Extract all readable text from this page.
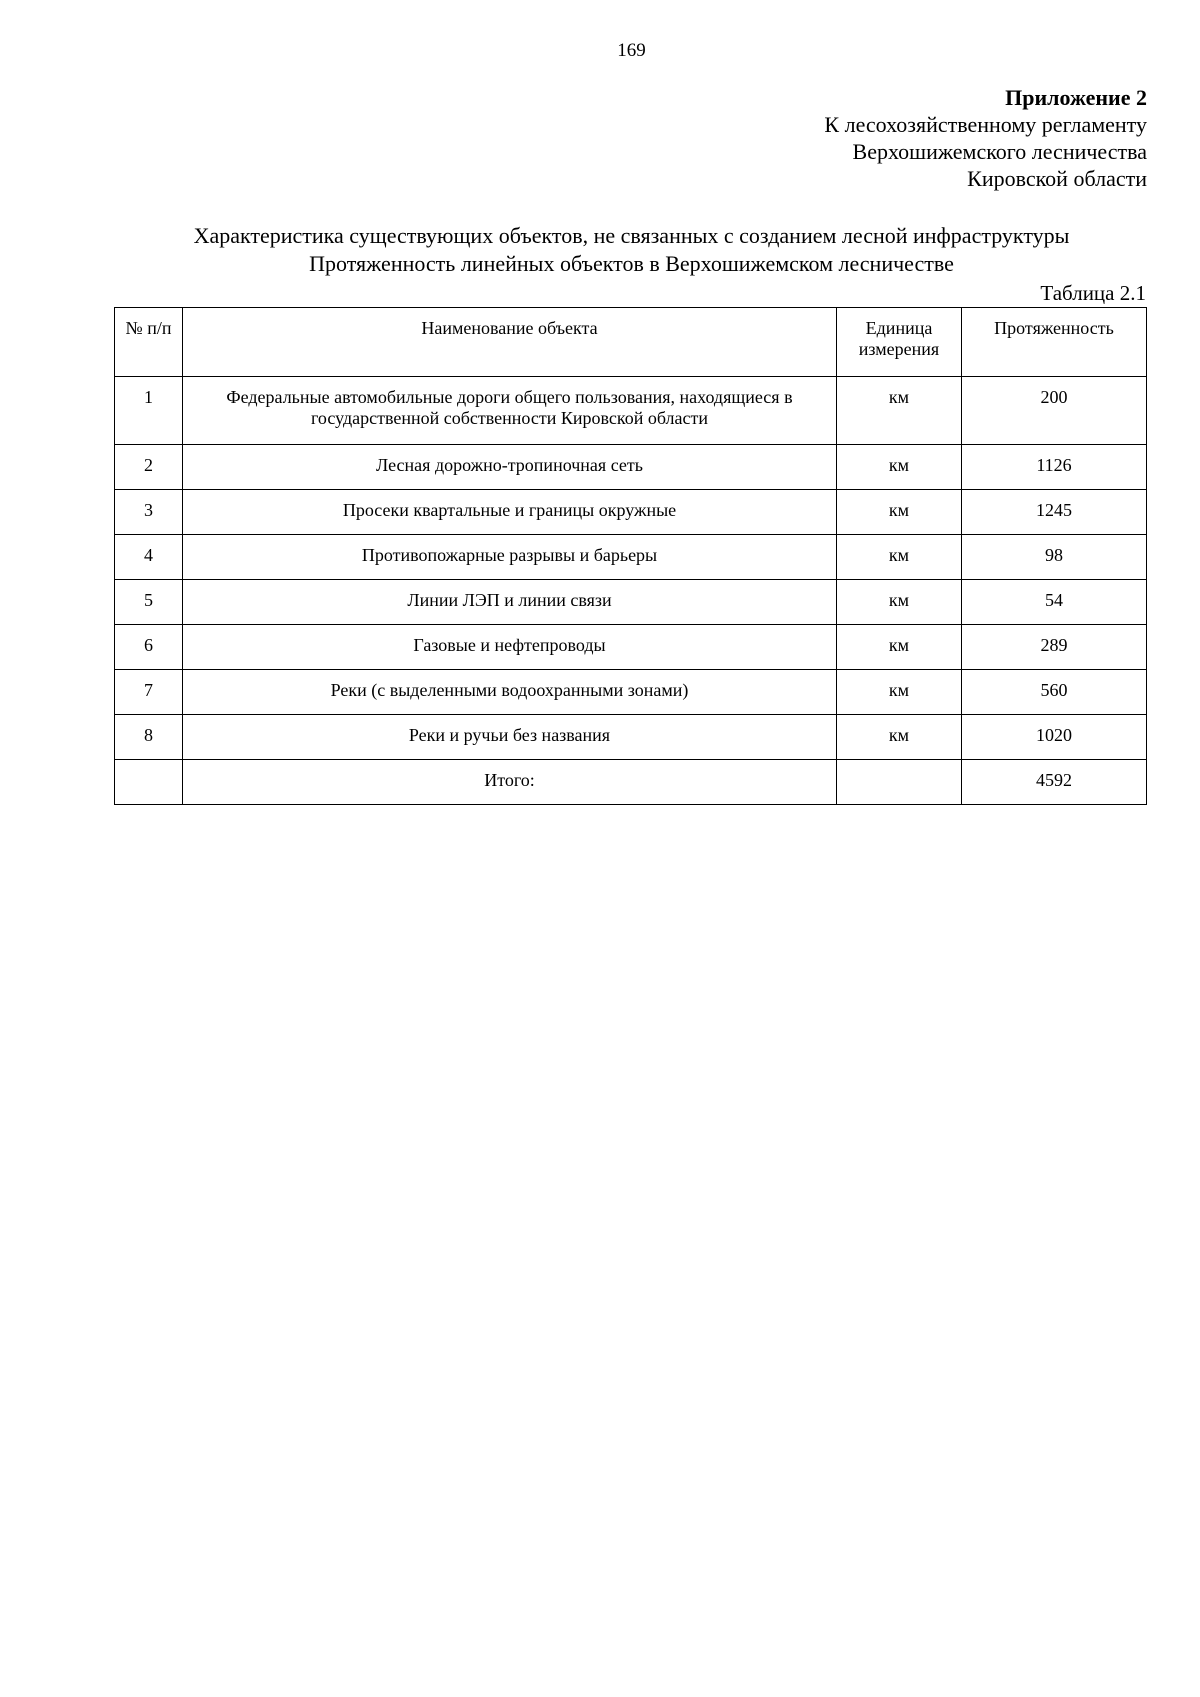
169
Приложение 2
К лесохозяйственному регламенту
Верхошижемского лесничества
Кировской области
Характеристика существующих объектов, не связанных с созданием лесной инфраструктуры
Протяженность линейных объектов в Верхошижемском лесничестве
Таблица 2.1
№ п/п	Наименование объекта	Единица измерения	Протяженность
1	Федеральные автомобильные дороги общего пользования, находящиеся в государственной собственности Кировской области	км	200
2	Лесная дорожно-тропиночная сеть	км	1126
3	Просеки квартальные и границы окружные	км	1245
4	Противопожарные разрывы и барьеры	км	98
5	Линии ЛЭП и линии связи	км	54
6	Газовые и нефтепроводы	км	289
7	Реки (с выделенными водоохранными зонами)	км	560
8	Реки и ручьи без названия	км	1020
	Итого:		4592
